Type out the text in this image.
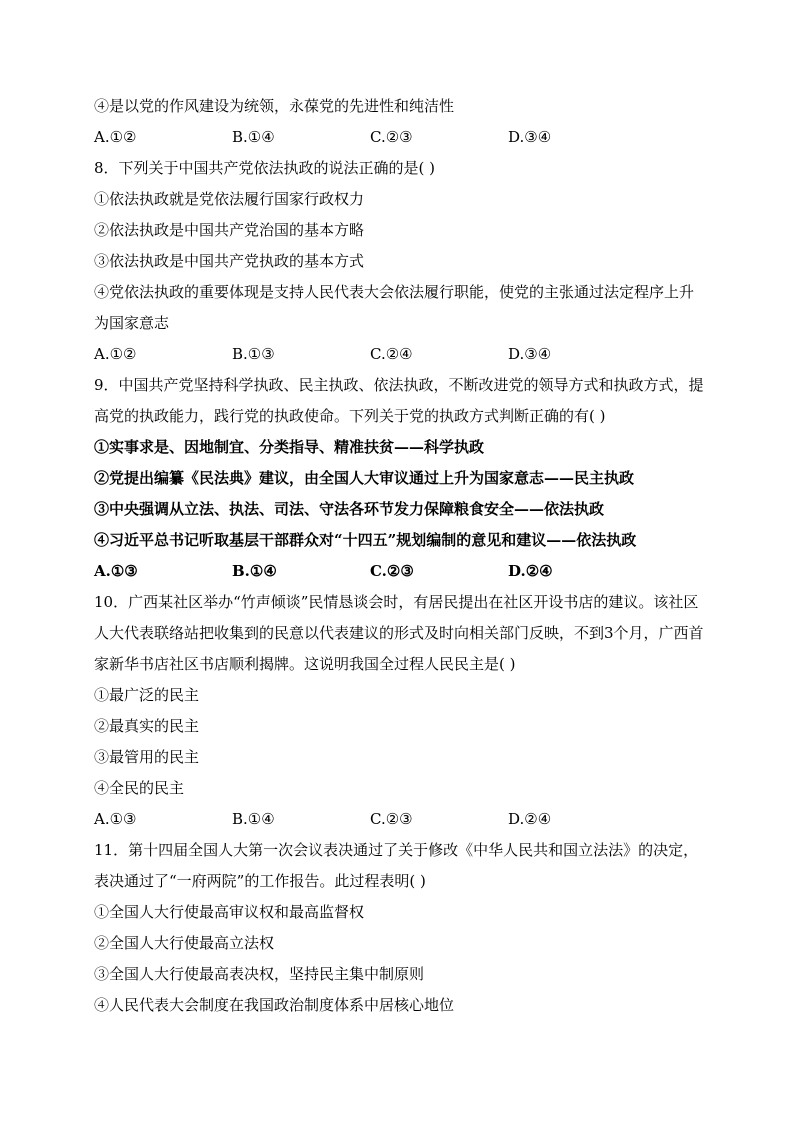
④是以党的作风建设为统领，永葆党的先进性和纯洁性
A.①②	B.①④	C.②③	D.③④
8．下列关于中国共产党依法执政的说法正确的是( )
①依法执政就是党依法履行国家行政权力
②依法执政是中国共产党治国的基本方略
③依法执政是中国共产党执政的基本方式
④党依法执政的重要体现是支持人民代表大会依法履行职能，使党的主张通过法定程序上升为国家意志
A.①②	B.①③	C.②④	D.③④
9．中国共产党坚持科学执政、民主执政、依法执政，不断改进党的领导方式和执政方式，提高党的执政能力，践行党的执政使命。下列关于党的执政方式判断正确的有( )
①实事求是、因地制宜、分类指导、精准扶贫——科学执政
②党提出编纂《民法典》建议，由全国人大审议通过上升为国家意志——民主执政
③中央强调从立法、执法、司法、守法各环节发力保障粮食安全——依法执政
④习近平总书记听取基层干部群众对“十四五”规划编制的意见和建议——依法执政
A.①③	B.①④	C.②③	D.②④
10．广西某社区举办“竹声倾谈”民情恳谈会时，有居民提出在社区开设书店的建议。该社区人大代表联络站把收集到的民意以代表建议的形式及时向相关部门反映，不到3个月，广西首家新华书店社区书店顺利揭牌。这说明我国全过程人民民主是( )
①最广泛的民主
②最真实的民主
③最管用的民主
④全民的民主
A.①③	B.①④	C.②③	D.②④
11．第十四届全国人大第一次会议表决通过了关于修改《中华人民共和国立法法》的决定，表决通过了“一府两院”的工作报告。此过程表明( )
①全国人大行使最高审议权和最高监督权
②全国人大行使最高立法权
③全国人大行使最高表决权，坚持民主集中制原则
④人民代表大会制度在我国政治制度体系中居核心地位
